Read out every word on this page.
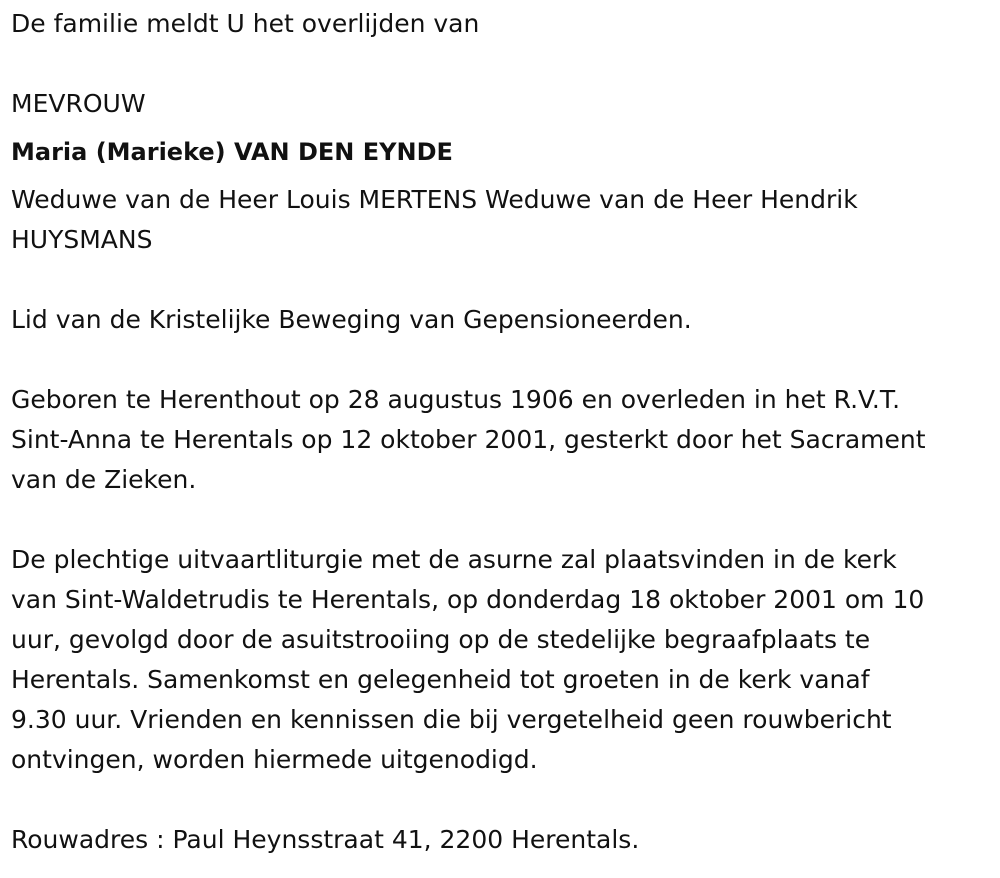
De familie meldt U het overlijden van
MEVROUW
Maria (Marieke) VAN DEN EYNDE
Weduwe van de Heer Louis MERTENS Weduwe van de Heer Hendrik
HUYSMANS
Lid van de Kristelijke Beweging van Gepensioneerden.
Geboren te Herenthout op 28 augustus 1906 en overleden in het R.V.T.
Sint-Anna te Herentals op 12 oktober 2001, gesterkt door het Sacrament
van de Zieken.
De plechtige uitvaartliturgie met de asurne zal plaatsvinden in de kerk
van Sint-Waldetrudis te Herentals, op donderdag 18 oktober 2001 om 10
uur, gevolgd door de asuitstrooiing op de stedelijke begraafplaats te
Herentals. Samenkomst en gelegenheid tot groeten in de kerk vanaf
9.30 uur. Vrienden en kennissen die bij vergetelheid geen rouwbericht
ontvingen, worden hiermede uitgenodigd.
Rouwadres : Paul Heynsstraat 41, 2200 Herentals.
